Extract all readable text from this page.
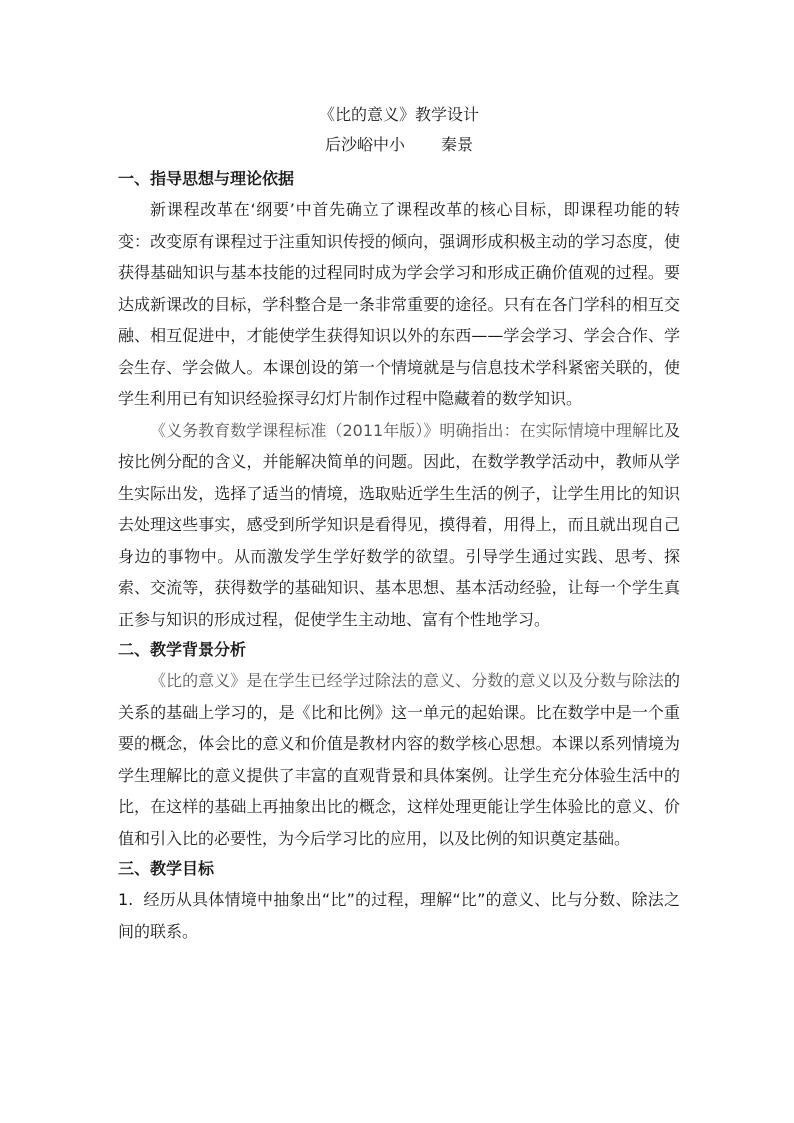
《比的意义》教学设计

后沙峪中小 秦景

一、指导思想与理论依据

新课程改革在‘纲要’中首先确立了课程改革的核心目标，即课程功能的转变：改变原有课程过于注重知识传授的倾向，强调形成积极主动的学习态度，使获得基础知识与基本技能的过程同时成为学会学习和形成正确价值观的过程。要达成新课改的目标，学科整合是一条非常重要的途径。只有在各门学科的相互交融、相互促进中，才能使学生获得知识以外的东西——学会学习、学会合作、学会生存、学会做人。本课创设的第一个情境就是与信息技术学科紧密关联的，使学生利用已有知识经验探寻幻灯片制作过程中隐藏着的数学知识。

《义务教育数学课程标准（2011年版）》明确指出：在实际情境中理解比及按比例分配的含义，并能解决简单的问题。因此，在数学教学活动中，教师从学生实际出发，选择了适当的情境，选取贴近学生生活的例子，让学生用比的知识去处理这些事实，感受到所学知识是看得见，摸得着，用得上，而且就出现自己身边的事物中。从而激发学生学好数学的欲望。引导学生通过实践、思考、探索、交流等，获得数学的基础知识、基本思想、基本活动经验，让每一个学生真正参与知识的形成过程，促使学生主动地、富有个性地学习。

二、教学背景分析

《比的意义》是在学生已经学过除法的意义、分数的意义以及分数与除法的关系的基础上学习的，是《比和比例》这一单元的起始课。比在数学中是一个重要的概念，体会比的意义和价值是教材内容的数学核心思想。本课以系列情境为学生理解比的意义提供了丰富的直观背景和具体案例。让学生充分体验生活中的比，在这样的基础上再抽象出比的概念，这样处理更能让学生体验比的意义、价值和引入比的必要性，为今后学习比的应用，以及比例的知识奠定基础。

三、教学目标

1. 经历从具体情境中抽象出“比”的过程，理解“比”的意义、比与分数、除法之间的联系。
